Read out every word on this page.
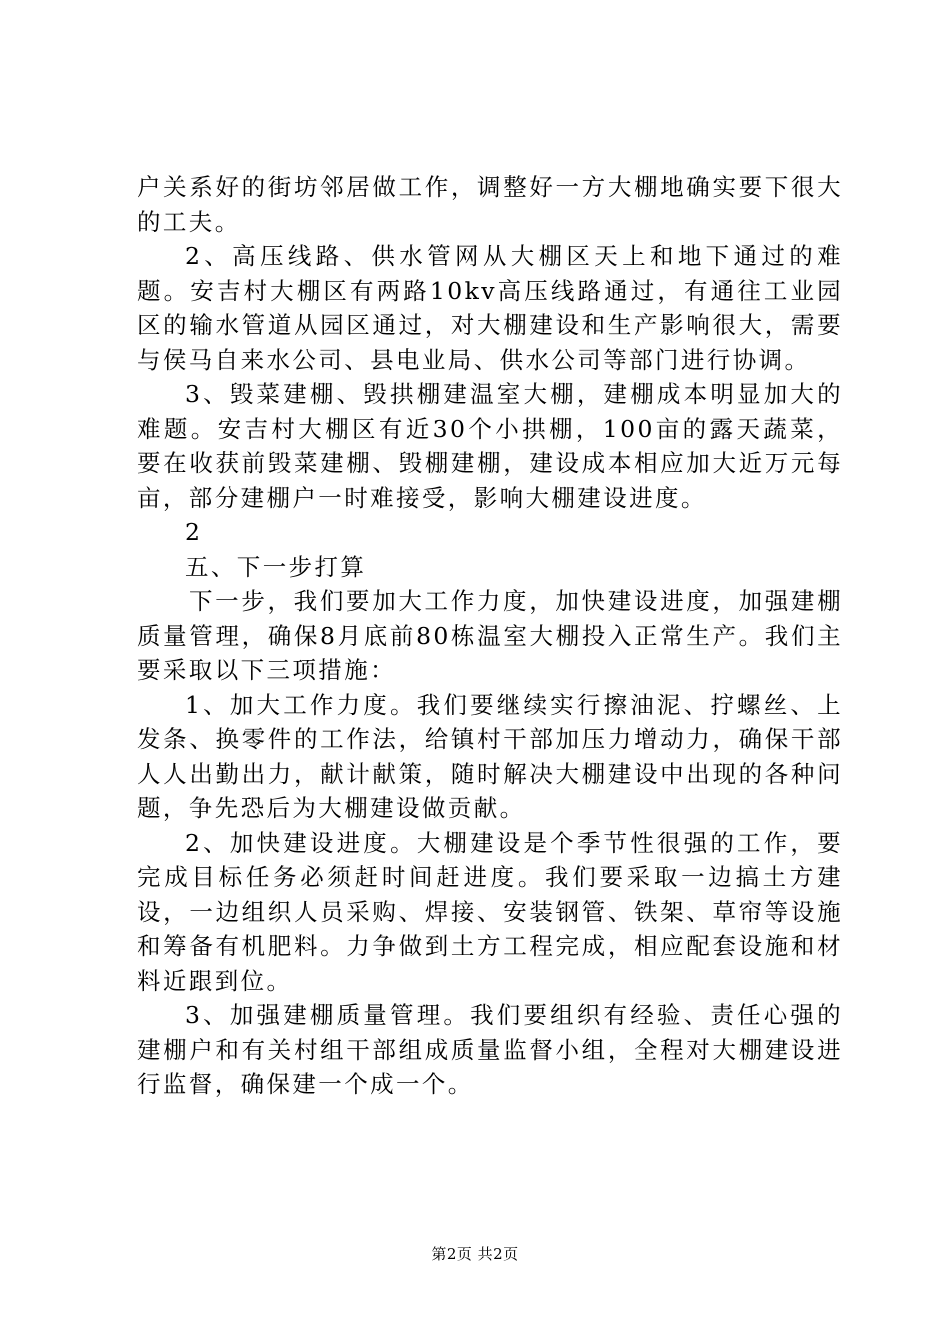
户关系好的街坊邻居做工作，调整好一方大棚地确实要下很大的工夫。

2、高压线路、供水管网从大棚区天上和地下通过的难题。安吉村大棚区有两路10kv高压线路通过，有通往工业园区的输水管道从园区通过，对大棚建设和生产影响很大，需要与侯马自来水公司、县电业局、供水公司等部门进行协调。

3、毁菜建棚、毁拱棚建温室大棚，建棚成本明显加大的难题。安吉村大棚区有近30个小拱棚，100亩的露天蔬菜，要在收获前毁菜建棚、毁棚建棚，建设成本相应加大近万元每亩，部分建棚户一时难接受，影响大棚建设进度。

2

五、下一步打算

下一步，我们要加大工作力度，加快建设进度，加强建棚质量管理，确保8月底前80栋温室大棚投入正常生产。我们主要采取以下三项措施：

1、加大工作力度。我们要继续实行擦油泥、拧螺丝、上发条、换零件的工作法，给镇村干部加压力增动力，确保干部人人出勤出力，献计献策，随时解决大棚建设中出现的各种问题，争先恐后为大棚建设做贡献。

2、加快建设进度。大棚建设是个季节性很强的工作，要完成目标任务必须赶时间赶进度。我们要采取一边搞土方建设，一边组织人员采购、焊接、安装钢管、铁架、草帘等设施和筹备有机肥料。力争做到土方工程完成，相应配套设施和材料近跟到位。

3、加强建棚质量管理。我们要组织有经验、责任心强的建棚户和有关村组干部组成质量监督小组，全程对大棚建设进行监督，确保建一个成一个。

第2页 共2页
